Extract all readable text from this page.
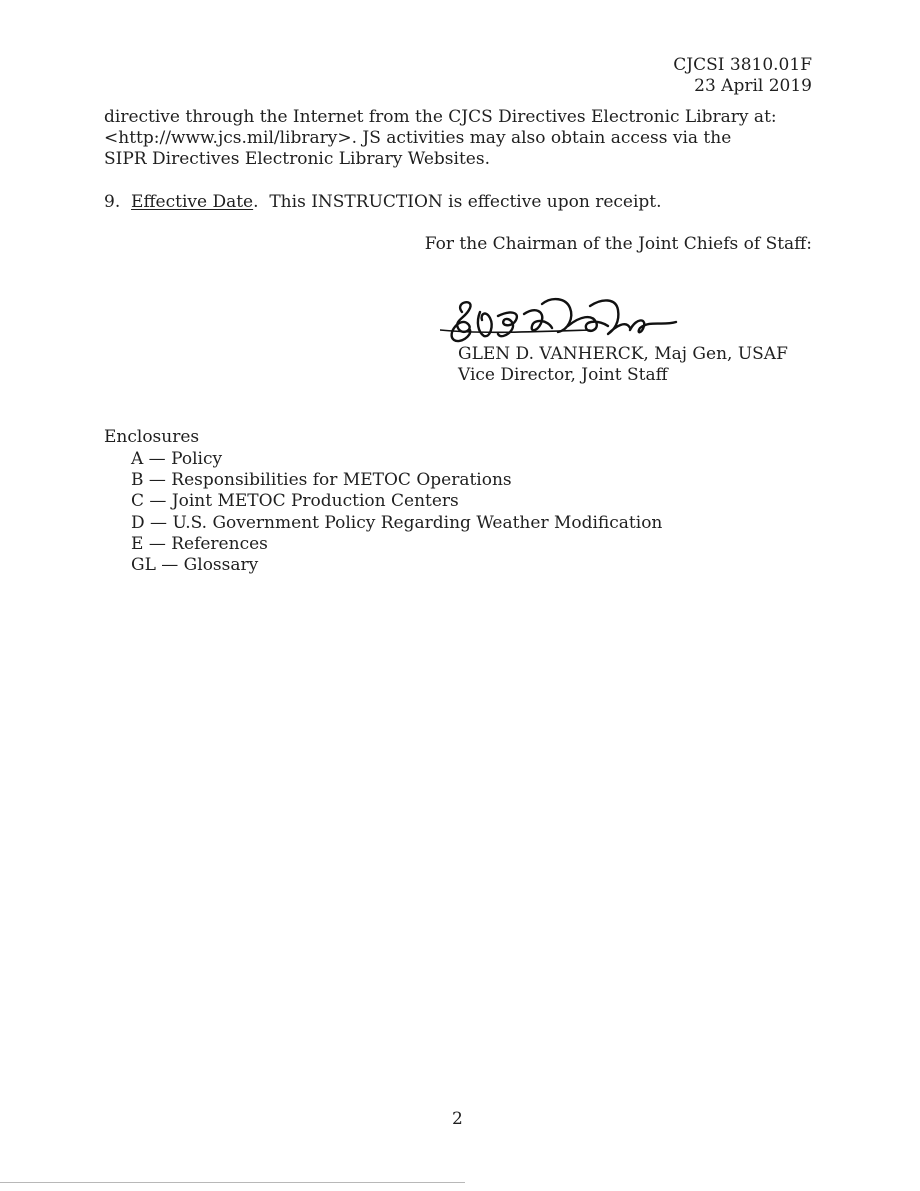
CJCSI 3810.01F
23 April 2019
directive through the Internet from the CJCS Directives Electronic Library at:
<http://www.jcs.mil/library>. JS activities may also obtain access via the
SIPR Directives Electronic Library Websites.
9. Effective Date. This INSTRUCTION is effective upon receipt.
For the Chairman of the Joint Chiefs of Staff:
GLEN D. VANHERCK, Maj Gen, USAF
Vice Director, Joint Staff
Enclosures
A — Policy
B — Responsibilities for METOC Operations
C — Joint METOC Production Centers
D — U.S. Government Policy Regarding Weather Modification
E — References
GL — Glossary
2
